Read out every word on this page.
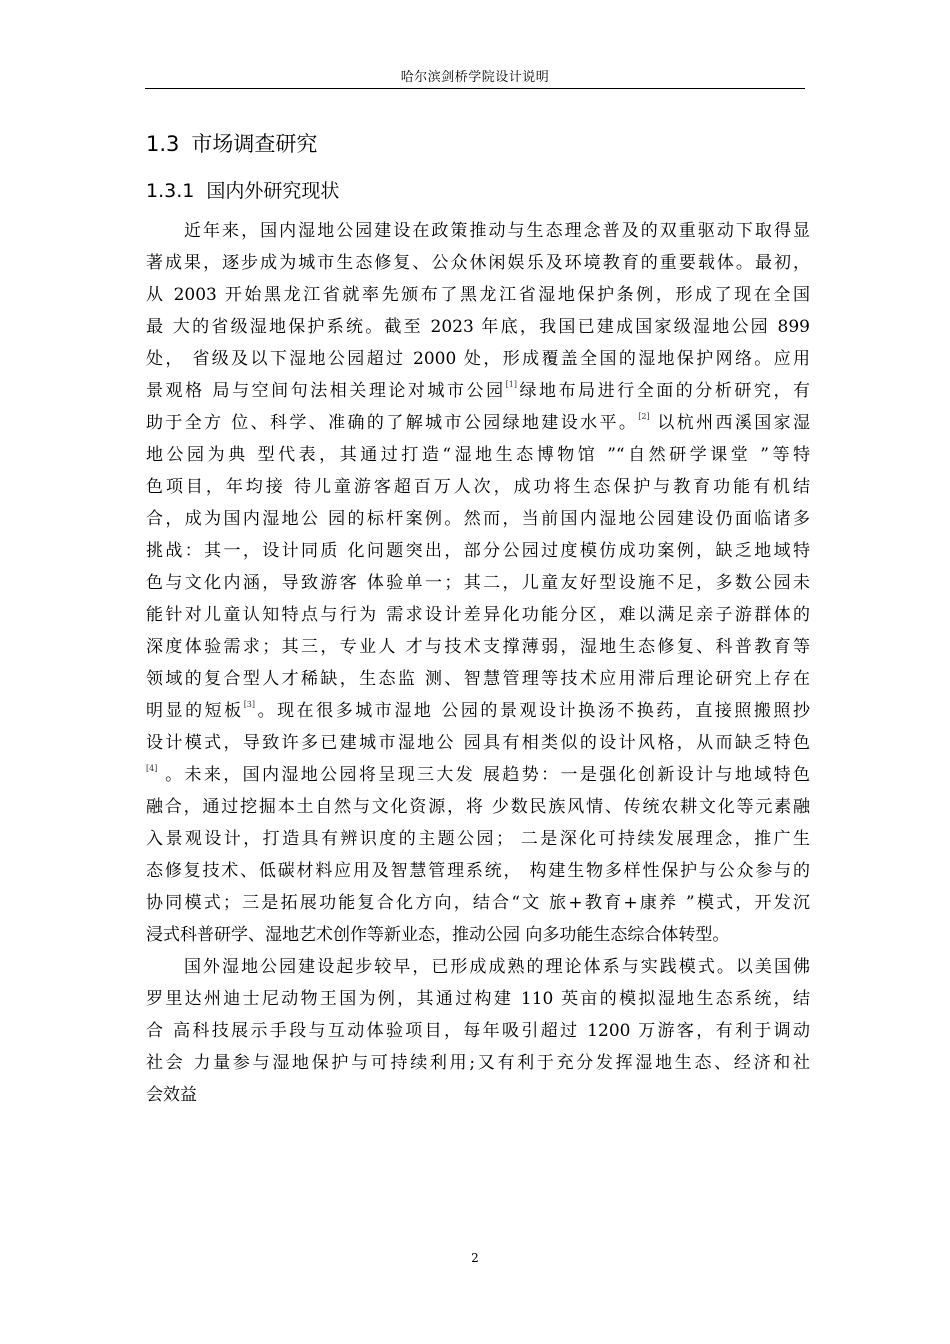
哈尔滨剑桥学院设计说明
1.3 市场调查研究
1.3.1 国内外研究现状
近年来，国内湿地公园建设在政策推动与生态理念普及的双重驱动下取得显
著成果，逐步成为城市生态修复、公众休闲娱乐及环境教育的重要载体。最初，
从 2003 开始黑龙江省就率先颁布了黑龙江省湿地保护条例，形成了现在全国
最 大的省级湿地保护系统。截至 2023 年底，我国已建成国家级湿地公园 899
处， 省级及以下湿地公园超过 2000 处，形成覆盖全国的湿地保护网络。应用
景观格 局与空间句法相关理论对城市公园[1]绿地布局进行全面的分析研究，有
助于全方 位、科学、准确的了解城市公园绿地建设水平。[2] 以杭州西溪国家湿
地公园为典 型代表，其通过打造“湿地生态博物馆 ”“自然研学课堂 ”等特
色项目，年均接 待儿童游客超百万人次，成功将生态保护与教育功能有机结
合，成为国内湿地公 园的标杆案例。然而，当前国内湿地公园建设仍面临诸多
挑战：其一，设计同质 化问题突出，部分公园过度模仿成功案例，缺乏地域特
色与文化内涵，导致游客 体验单一；其二，儿童友好型设施不足，多数公园未
能针对儿童认知特点与行为 需求设计差异化功能分区，难以满足亲子游群体的
深度体验需求；其三，专业人 才与技术支撑薄弱，湿地生态修复、科普教育等
领域的复合型人才稀缺，生态监 测、智慧管理等技术应用滞后理论研究上存在
明显的短板[3]。现在很多城市湿地 公园的景观设计换汤不换药，直接照搬照抄
设计模式，导致许多已建城市湿地公 园具有相类似的设计风格，从而缺乏特色
[4] 。未来，国内湿地公园将呈现三大发 展趋势：一是强化创新设计与地域特色
融合，通过挖掘本土自然与文化资源，将 少数民族风情、传统农耕文化等元素融
入景观设计，打造具有辨识度的主题公园； 二是深化可持续发展理念，推广生
态修复技术、低碳材料应用及智慧管理系统， 构建生物多样性保护与公众参与的
协同模式；三是拓展功能复合化方向，结合“文 旅+教育+康养 ”模式，开发沉
浸式科普研学、湿地艺术创作等新业态，推动公园 向多功能生态综合体转型。
国外湿地公园建设起步较早，已形成成熟的理论体系与实践模式。以美国佛
罗里达州迪士尼动物王国为例，其通过构建 110 英亩的模拟湿地生态系统，结
合 高科技展示手段与互动体验项目，每年吸引超过 1200 万游客，有利于调动
社会 力量参与湿地保护与可持续利用;又有利于充分发挥湿地生态、经济和社
会效益
2
